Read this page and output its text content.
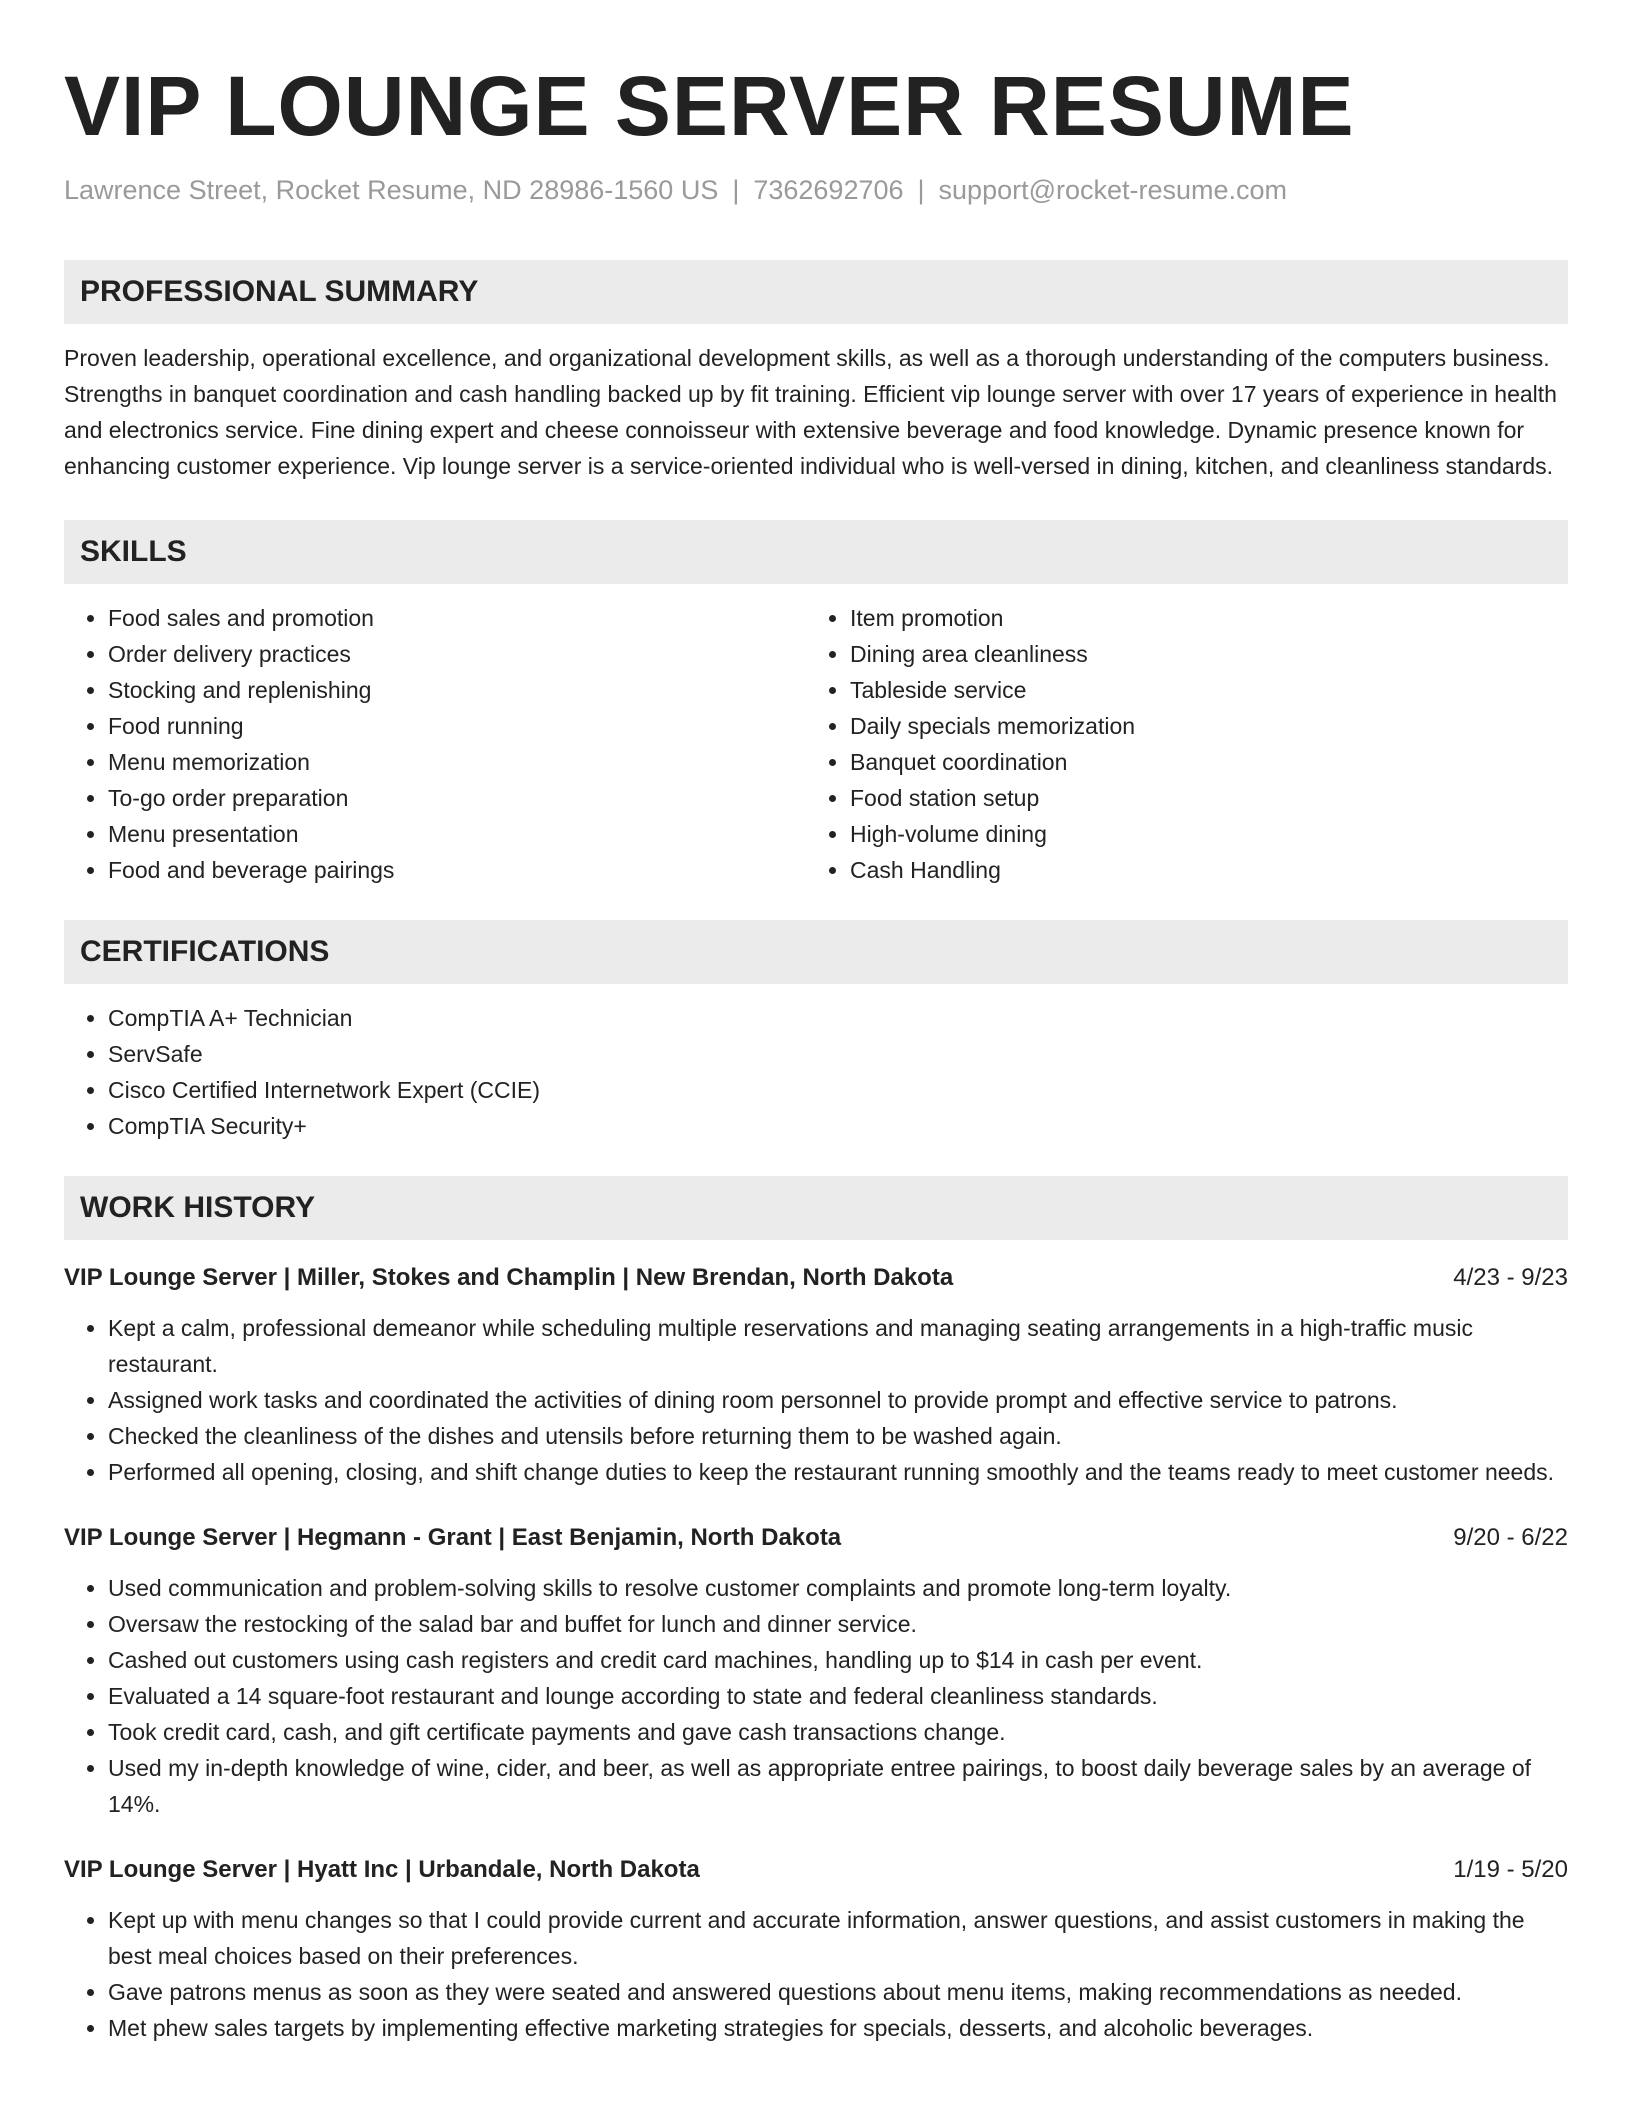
VIP LOUNGE SERVER RESUME
Lawrence Street, Rocket Resume, ND 28986-1560 US | 7362692706 | support@rocket-resume.com
PROFESSIONAL SUMMARY

Proven leadership, operational excellence, and organizational development skills, as well as a thorough understanding of the computers business. Strengths in banquet coordination and cash handling backed up by fit training. Efficient vip lounge server with over 17 years of experience in health and electronics service. Fine dining expert and cheese connoisseur with extensive beverage and food knowledge. Dynamic presence known for enhancing customer experience. Vip lounge server is a service-oriented individual who is well-versed in dining, kitchen, and cleanliness standards.

SKILLS
• Food sales and promotion
• Order delivery practices
• Stocking and replenishing
• Food running
• Menu memorization
• To-go order preparation
• Menu presentation
• Food and beverage pairings
• Item promotion
• Dining area cleanliness
• Tableside service
• Daily specials memorization
• Banquet coordination
• Food station setup
• High-volume dining
• Cash Handling
CERTIFICATIONS
• CompTIA A+ Technician
• ServSafe
• Cisco Certified Internetwork Expert (CCIE)
• CompTIA Security+
WORK HISTORY
VIP Lounge Server | Miller, Stokes and Champlin | New Brendan, North Dakota	4/23 - 9/23
• Kept a calm, professional demeanor while scheduling multiple reservations and managing seating arrangements in a high-traffic music restaurant.
• Assigned work tasks and coordinated the activities of dining room personnel to provide prompt and effective service to patrons.
• Checked the cleanliness of the dishes and utensils before returning them to be washed again.
• Performed all opening, closing, and shift change duties to keep the restaurant running smoothly and the teams ready to meet customer needs.
VIP Lounge Server | Hegmann - Grant | East Benjamin, North Dakota	9/20 - 6/22
• Used communication and problem-solving skills to resolve customer complaints and promote long-term loyalty.
• Oversaw the restocking of the salad bar and buffet for lunch and dinner service.
• Cashed out customers using cash registers and credit card machines, handling up to $14 in cash per event.
• Evaluated a 14 square-foot restaurant and lounge according to state and federal cleanliness standards.
• Took credit card, cash, and gift certificate payments and gave cash transactions change.
• Used my in-depth knowledge of wine, cider, and beer, as well as appropriate entree pairings, to boost daily beverage sales by an average of 14%.
VIP Lounge Server | Hyatt Inc | Urbandale, North Dakota	1/19 - 5/20
• Kept up with menu changes so that I could provide current and accurate information, answer questions, and assist customers in making the best meal choices based on their preferences.
• Gave patrons menus as soon as they were seated and answered questions about menu items, making recommendations as needed.
• Met phew sales targets by implementing effective marketing strategies for specials, desserts, and alcoholic beverages.
